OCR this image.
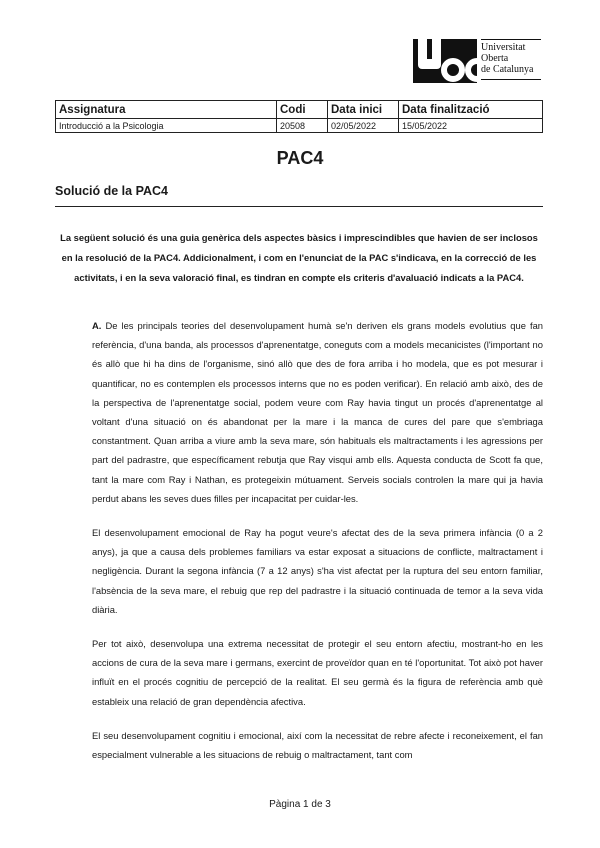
Universitat
Oberta
de Catalunya
Assignatura	Codi	Data inici	Data finalització
Introducció a la Psicologia	20508	02/05/2022	15/05/2022
PAC4
Solució de la PAC4
La següent solució és una guia genèrica dels aspectes bàsics i imprescindibles que havien de ser inclosos en la resolució de la PAC4. Addicionalment, i com en l'enunciat de la PAC s'indicava, en la correcció de les activitats, i en la seva valoració final, es tindran en compte els criteris d'avaluació indicats a la PAC4.

A. De les principals teories del desenvolupament humà se'n deriven els grans models evolutius que fan referència, d'una banda, als processos d'aprenentatge, coneguts com a models mecanicistes (l'important no és allò que hi ha dins de l'organisme, sinó allò que des de fora arriba i ho modela, que es pot mesurar i quantificar, no es contemplen els processos interns que no es poden verificar). En relació amb això, des de la perspectiva de l'aprenentatge social, podem veure com Ray havia tingut un procés d'aprenentatge al voltant d'una situació on és abandonat per la mare i la manca de cures del pare que s'embriaga constantment. Quan arriba a viure amb la seva mare, són habituals els maltractaments i les agressions per part del padrastre, que específicament rebutja que Ray visqui amb ells. Aquesta conducta de Scott fa que, tant la mare com Ray i Nathan, es protegeixin mútuament. Serveis socials controlen la mare qui ja havia perdut abans les seves dues filles per incapacitat per cuidar-les.

El desenvolupament emocional de Ray ha pogut veure's afectat des de la seva primera infància (0 a 2 anys), ja que a causa dels problemes familiars va estar exposat a situacions de conflicte, maltractament i negligència. Durant la segona infància (7 a 12 anys) s'ha vist afectat per la ruptura del seu entorn familiar, l'absència de la seva mare, el rebuig que rep del padrastre i la situació continuada de temor a la seva vida diària.

Per tot això, desenvolupa una extrema necessitat de protegir el seu entorn afectiu, mostrant-ho en les accions de cura de la seva mare i germans, exercint de proveïdor quan en té l'oportunitat. Tot això pot haver influït en el procés cognitiu de percepció de la realitat. El seu germà és la figura de referència amb què estableix una relació de gran dependència afectiva.

El seu desenvolupament cognitiu i emocional, així com la necessitat de rebre afecte i reconeixement, el fan especialment vulnerable a les situacions de rebuig o maltractament, tant com

Pàgina 1 de 3
